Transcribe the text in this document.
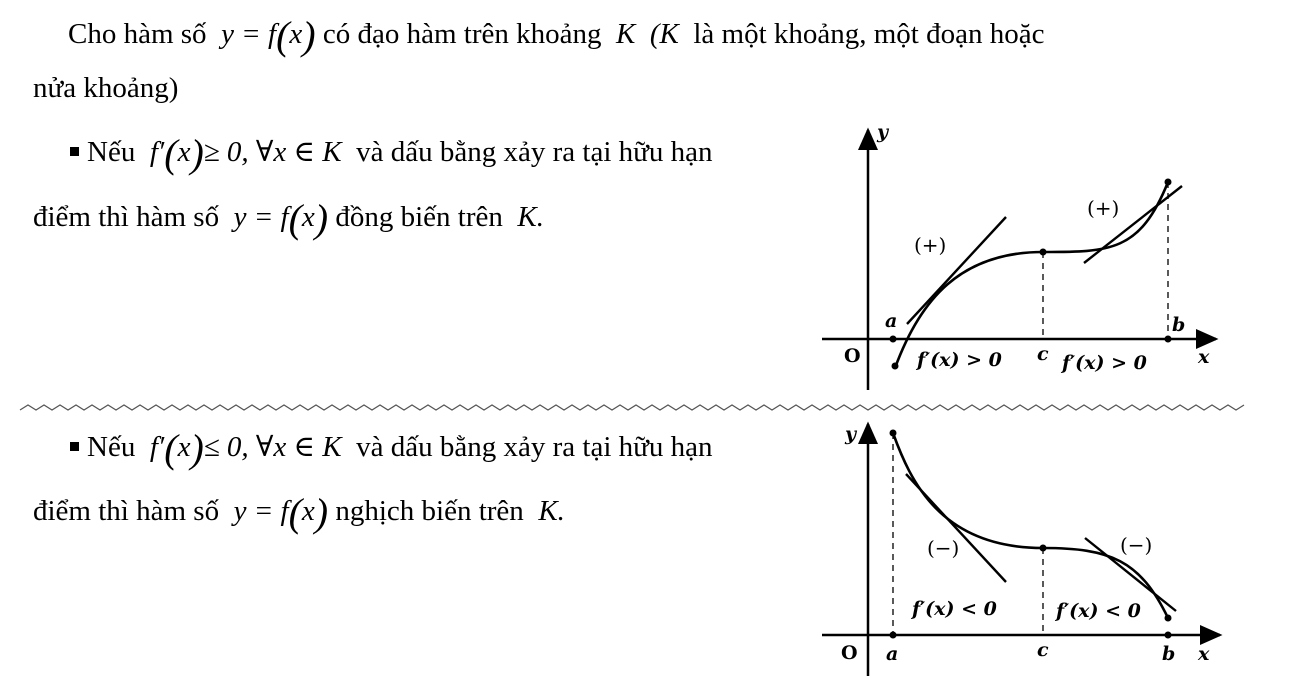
Cho hàm số y = f(x) có đạo hàm trên khoảng K (K là một khoảng, một đoạn hoặc
nửa khoảng)
Nếu f′(x)≥ 0, ∀x ∈ K và dấu bằng xảy ra tại hữu hạn
điểm thì hàm số y = f(x) đồng biến trên K.
Nếu f′(x)≤ 0, ∀x ∈ K và dấu bằng xảy ra tại hữu hạn
điểm thì hàm số y = f(x) nghịch biến trên K.
y
x
O
a	b
c
(+)
(+)
f′(x) > 0	f′(x) > 0
y
x
O a	b
c
(−)	(−)
f′(x) < 0	f′(x) < 0
